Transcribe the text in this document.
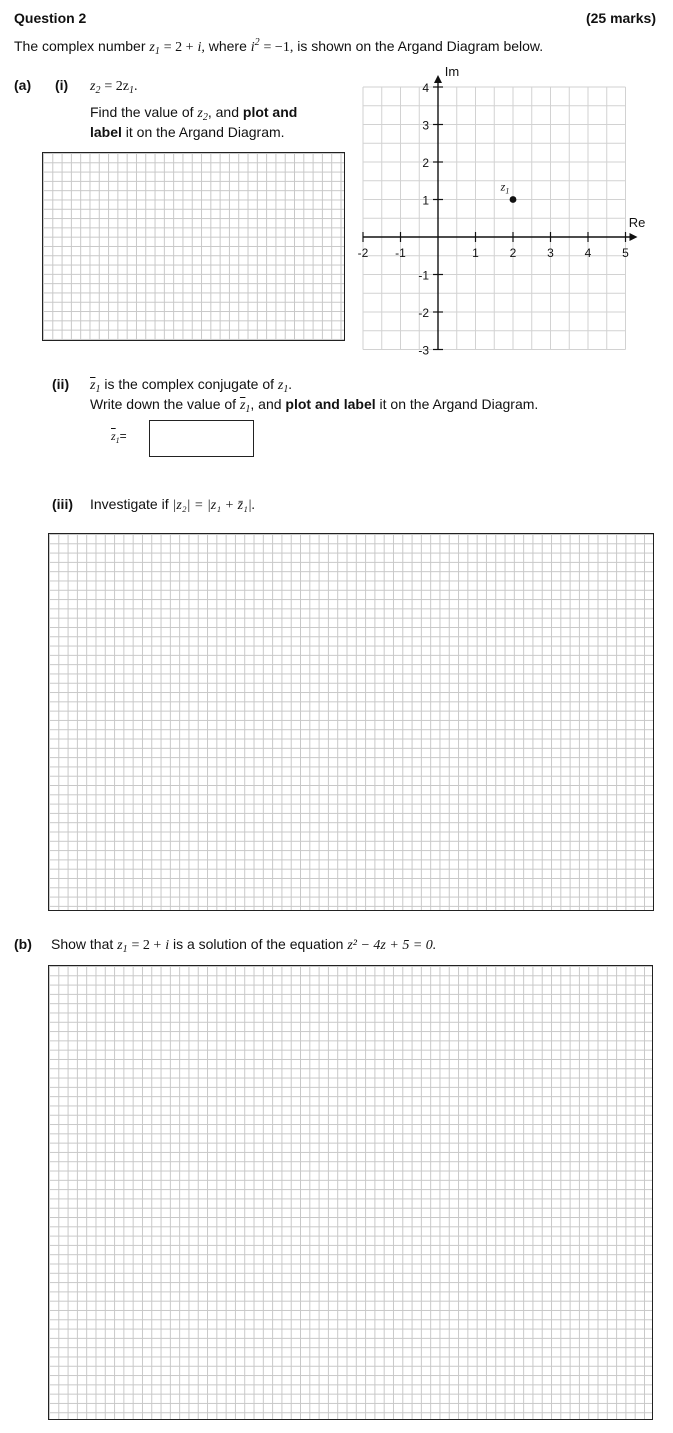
Question 2	(25 marks)
The complex number $z_1 = 2 + i$, where $i^2 = -1$, is shown on the Argand Diagram below.
(a) (i) $z_2 = 2z_1$.
Find the value of $z_2$, and plot and
label it on the Argand Diagram.
-2 -1	1	2	3	4	5
4
3
2
1
-1
-2
-3
Re
Im
$z_1$
(ii) $\overline{z}_1$ is the complex conjugate of $z_1$.
Write down the value of $\overline{z}_1$, and plot and label it on the Argand Diagram.
$\overline{z}_1=$
(iii) Investigate if |z₂| = |z₁ + z̄₁|.
(b) Show that $z_1 = 2 + i$ is a solution of the equation z² − 4z + 5 = 0.
